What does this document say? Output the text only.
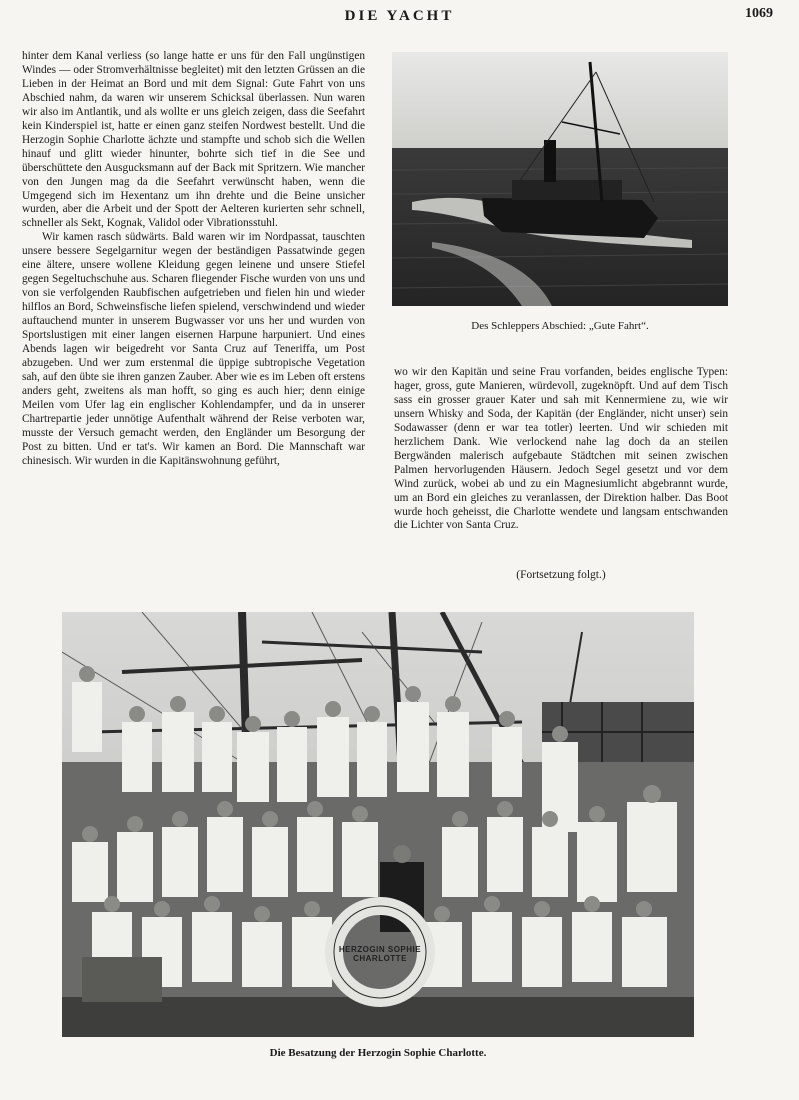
DIE YACHT	1069

hinter dem Kanal verliess (so lange hatte er uns für den Fall ungünstigen Windes — oder Stromverhältnisse begleitet) mit den letzten Grüssen an die Lieben in der Heimat an Bord und mit dem Signal: Gute Fahrt von uns Abschied nahm, da waren wir unserem Schicksal überlassen. Nun waren wir also im Antlantik, und als wollte er uns gleich zeigen, dass die Seefahrt kein Kinderspiel ist, hatte er einen ganz steifen Nordwest bestellt. Und die Herzogin Sophie Charlotte ächzte und stampfte und schob sich die Wellen hinauf und glitt wieder hinunter, bohrte sich tief in die See und überschüttete den Ausgucksmann auf der Back mit Spritzern. Wie mancher von den Jungen mag da die Seefahrt verwünscht haben, wenn die Umgegend sich im Hexentanz um ihn drehte und die Beine unsicher wurden, aber die Arbeit und der Spott der Aelteren kurierten sehr schnell, schneller als Sekt, Kognak, Validol oder Vibrationsstuhl.

Wir kamen rasch südwärts. Bald waren wir im Nordpassat, tauschten unsere bessere Segelgarnitur wegen der beständigen Passatwinde gegen eine ältere, unsere wollene Kleidung gegen leinene und unsere Stiefel gegen Segeltuchschuhe aus. Scharen fliegender Fische wurden von uns und von sie verfolgenden Raubfischen aufgetrieben und fielen hin und wieder hilflos an Bord, Schweinsfische liefen spielend, verschwindend und wieder auftauchend munter in unserem Bugwasser vor uns her und wurden von Sportslustigen mit einer langen eisernen Harpune harpuniert. Und eines Abends lagen wir beigedreht vor Santa Cruz auf Teneriffa, um Post abzugeben. Und wer zum erstenmal die üppige subtropische Vegetation sah, auf den übte sie ihren ganzen Zauber. Aber wie es im Leben oft erstens anders geht, zweitens als man hofft, so ging es auch hier; denn einige Meilen vom Ufer lag ein englischer Kohlendampfer, und da in unserer Chartrepartie jeder unnötige Aufenthalt während der Reise verboten war, musste der Versuch gemacht werden, den Engländer um Besorgung der Post zu bitten. Und er tat's. Wir kamen an Bord. Die Mannschaft war chinesisch. Wir wurden in die Kapitänswohnung geführt,

Des Schleppers Abschied: „Gute Fahrt“.

wo wir den Kapitän und seine Frau vorfanden, beides englische Typen: hager, gross, gute Manieren, würdevoll, zugeknöpft. Und auf dem Tisch sass ein grosser grauer Kater und sah mit Kennermiene zu, wie wir unsern Whisky and Soda, der Kapitän (der Engländer, nicht unser) sein Sodawasser (denn er war tea totler) leerten. Und wir schieden mit herzlichem Dank. Wie verlockend nahe lag doch da an steilen Bergwänden malerisch aufgebaute Städtchen mit seinen zwischen Palmen hervorlugenden Häusern. Jedoch Segel gesetzt und vor dem Wind zurück, wobei ab und zu ein Magnesiumlicht abgebrannt wurde, um an Bord ein gleiches zu veranlassen, der Direktion halber. Das Boot wurde hoch geheisst, die Charlotte wendete und langsam entschwanden die Lichter von Santa Cruz.

(Fortsetzung folgt.)
HERZOGIN SOPHIE CHARLOTTE
Die Besatzung der Herzogin Sophie Charlotte.
